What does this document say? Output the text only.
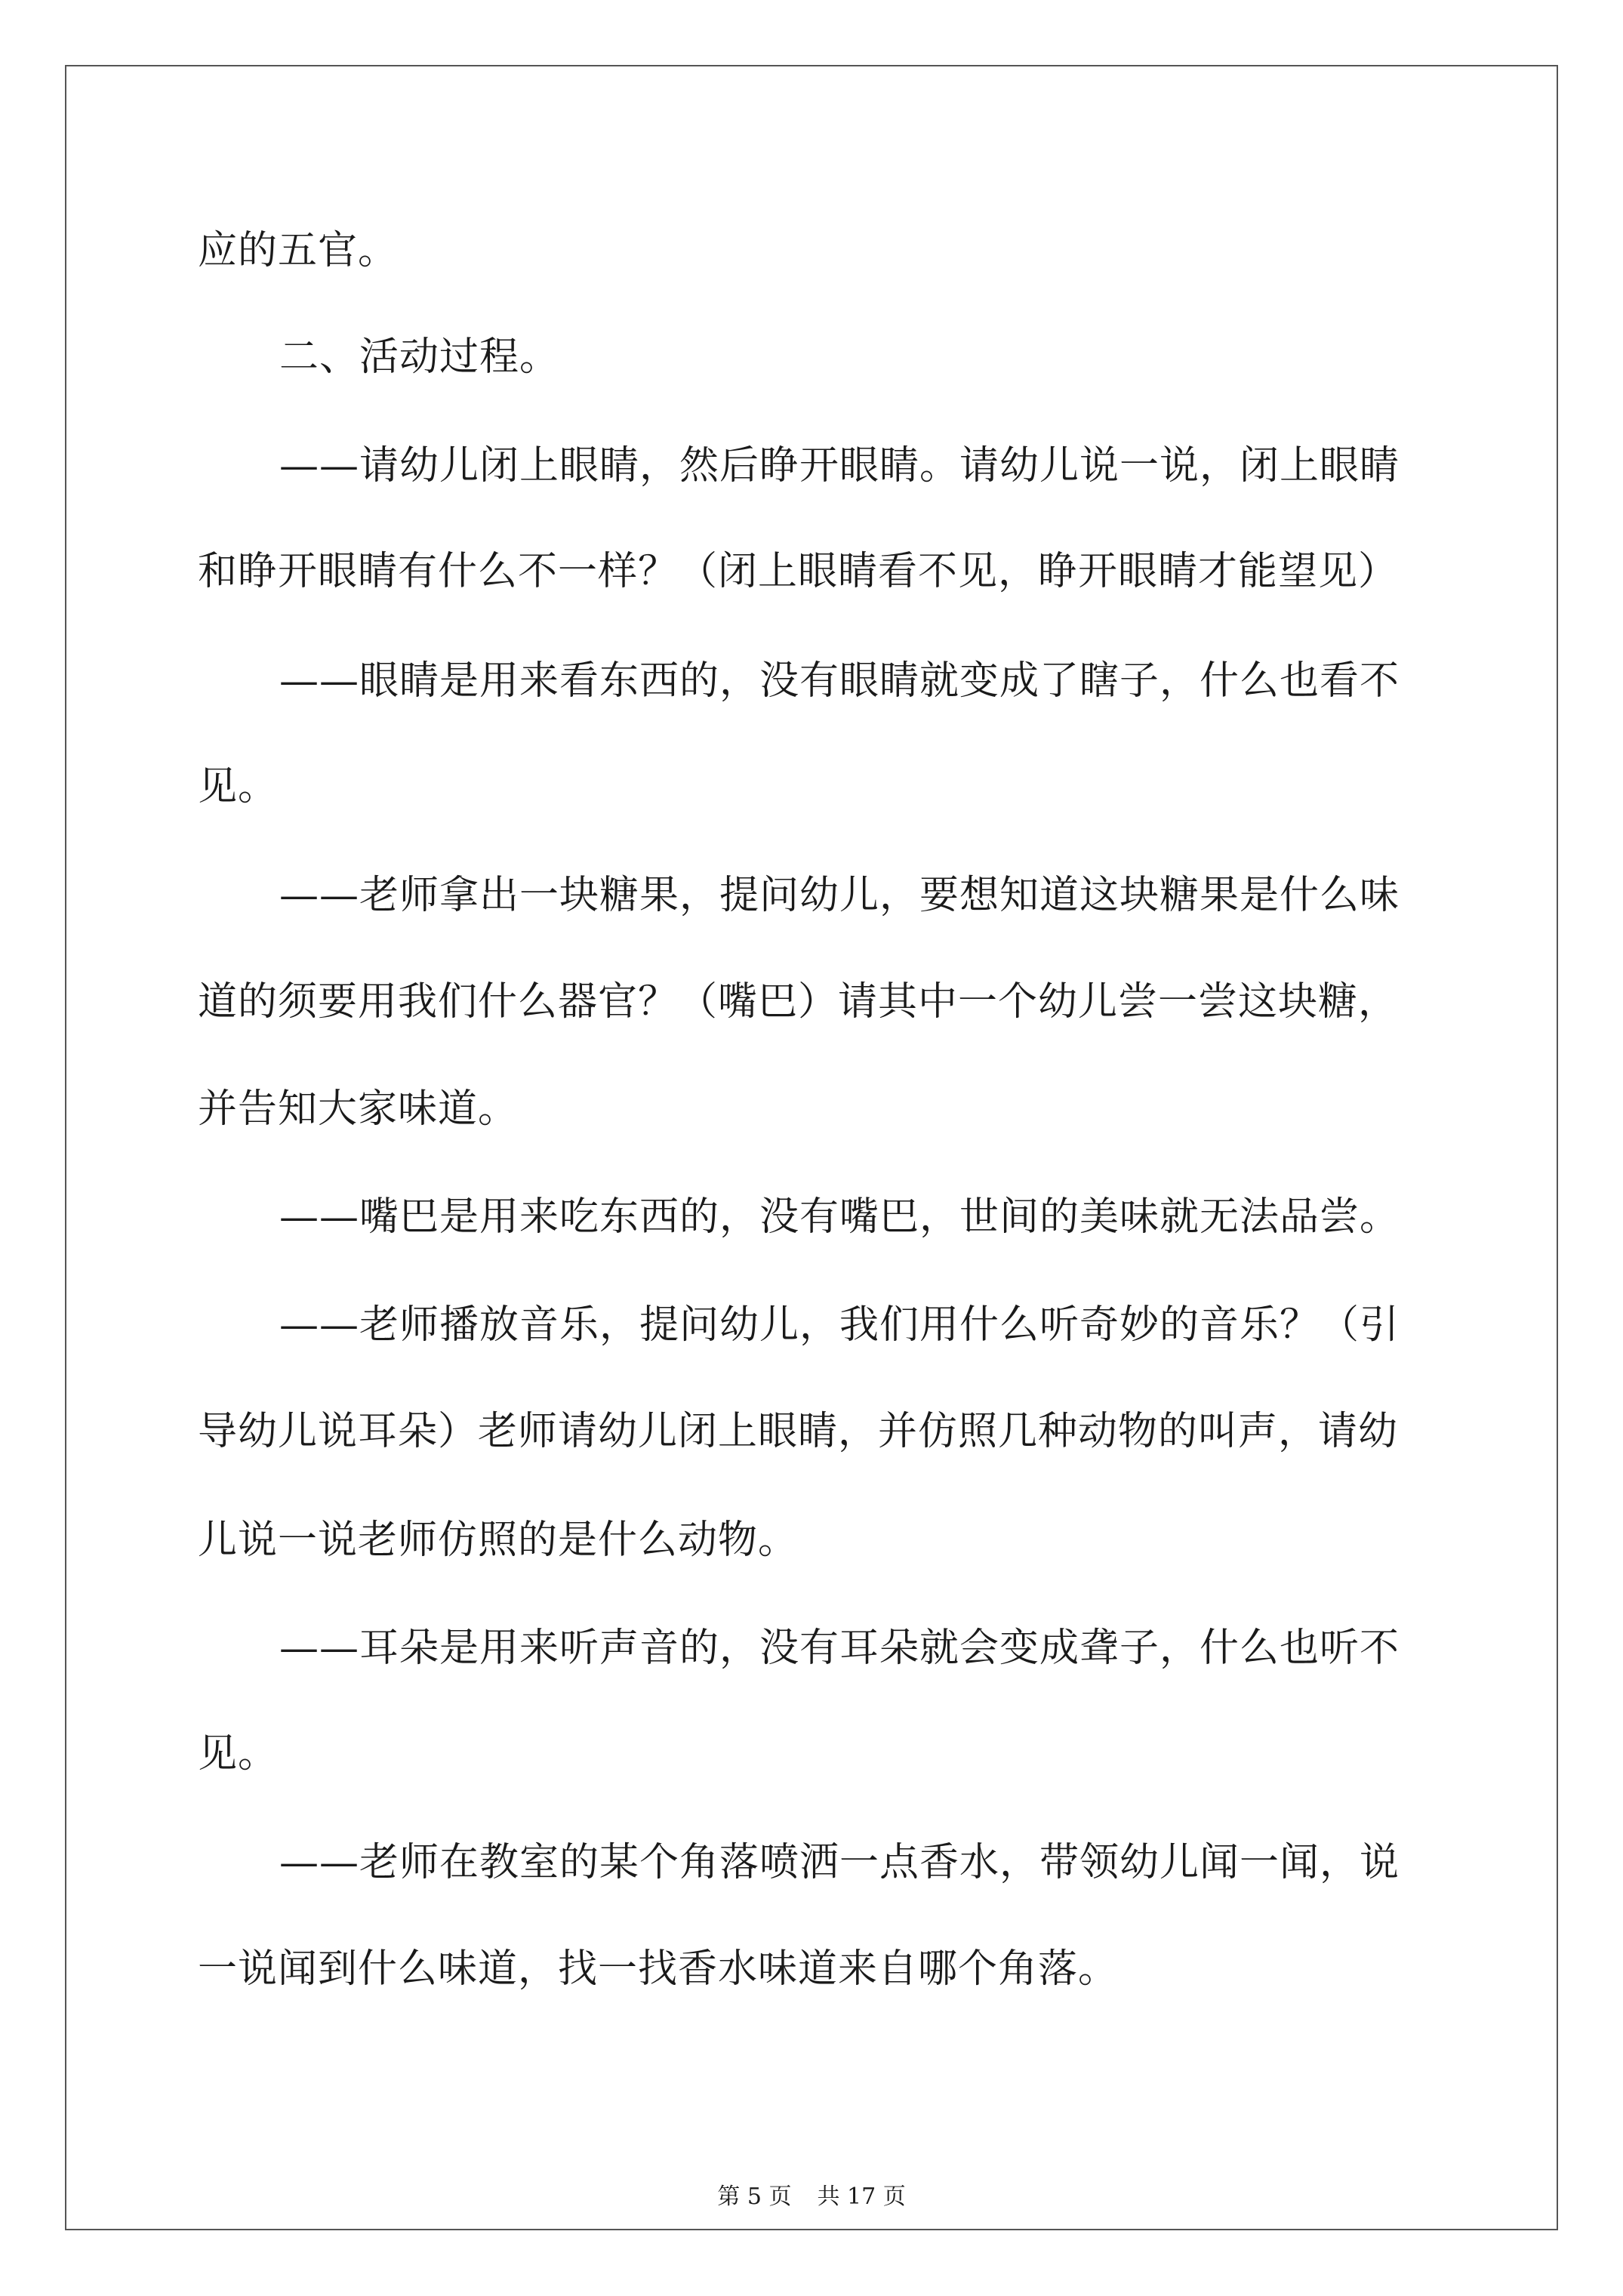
应的五官。
二、活动过程。
——请幼儿闭上眼睛，然后睁开眼睛。请幼儿说一说，闭上眼睛
和睁开眼睛有什么不一样？（闭上眼睛看不见，睁开眼睛才能望见）
——眼睛是用来看东西的，没有眼睛就变成了瞎子，什么也看不
见。
——老师拿出一块糖果，提问幼儿，要想知道这块糖果是什么味
道的须要用我们什么器官？（嘴巴）请其中一个幼儿尝一尝这块糖，
并告知大家味道。
——嘴巴是用来吃东西的，没有嘴巴，世间的美味就无法品尝。
——老师播放音乐，提问幼儿，我们用什么听奇妙的音乐？（引
导幼儿说耳朵）老师请幼儿闭上眼睛，并仿照几种动物的叫声，请幼
儿说一说老师仿照的是什么动物。
——耳朵是用来听声音的，没有耳朵就会变成聋子，什么也听不
见。
——老师在教室的某个角落喷洒一点香水，带领幼儿闻一闻，说
一说闻到什么味道，找一找香水味道来自哪个角落。
第 5 页 共 17 页
